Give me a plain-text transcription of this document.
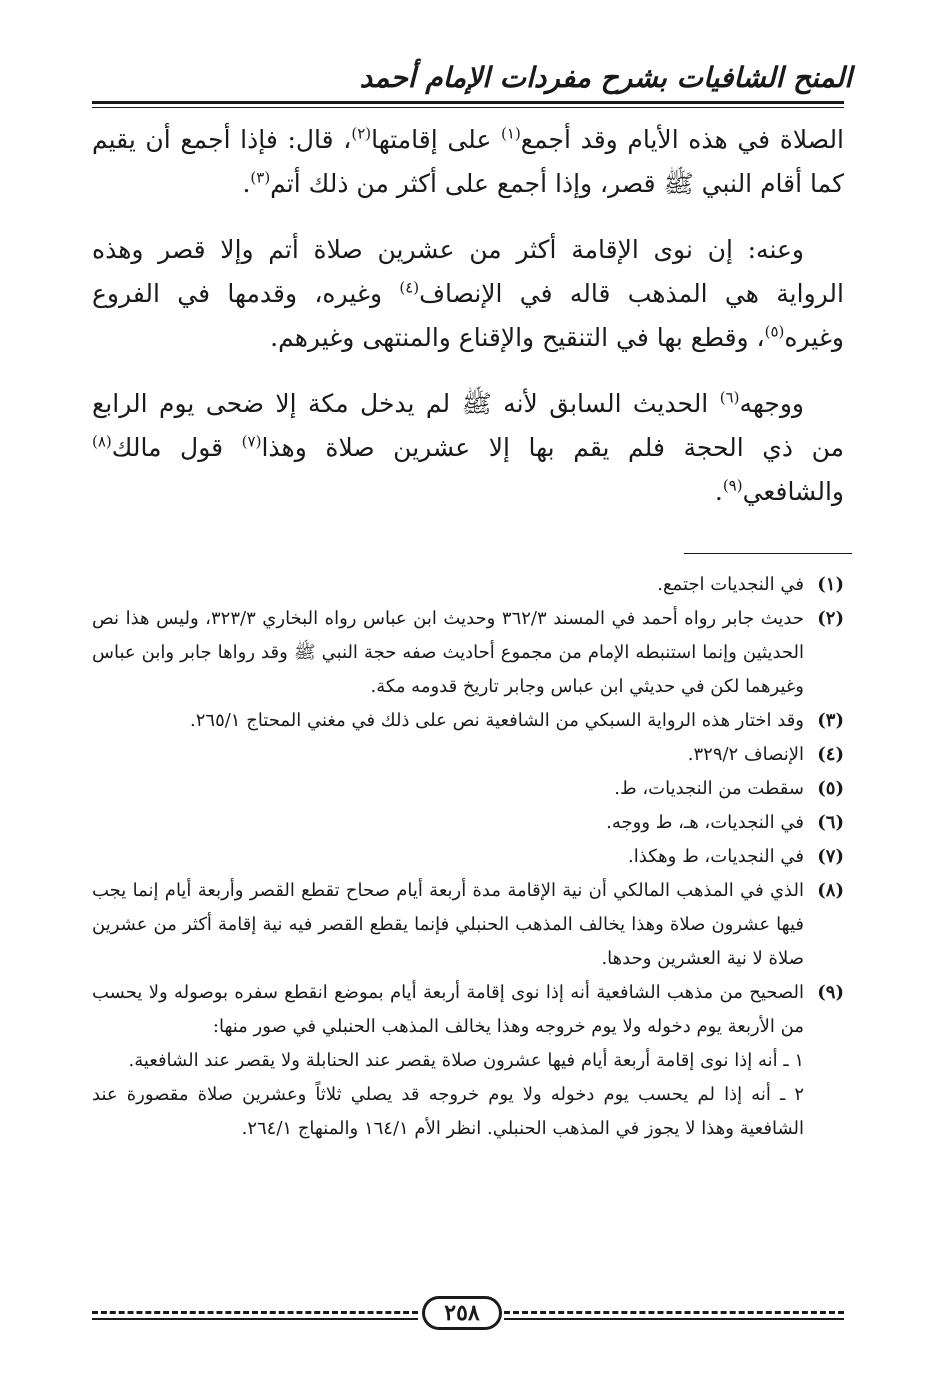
المنح الشافيات بشرح مفردات الإمام أحمد

الصلاة في هذه الأيام وقد أجمع$^{(١)}$ على إقامتها$^{(٢)}$، قال: فإذا أجمع أن يقيم كما أقام النبي ﷺ قصر، وإذا أجمع على أكثر من ذلك أتم$^{(٣)}$.

وعنه: إن نوى الإقامة أكثر من عشرين صلاة أتم وإلا قصر وهذه الرواية هي المذهب قاله في الإنصاف$^{(٤)}$ وغيره، وقدمها في الفروع وغيره$^{(٥)}$، وقطع بها في التنقيح والإقناع والمنتهى وغيرهم.

ووجهه$^{(٦)}$ الحديث السابق لأنه ﷺ لم يدخل مكة إلا ضحى يوم الرابع من ذي الحجة فلم يقم بها إلا عشرين صلاة وهذا$^{(٧)}$ قول مالك$^{(٨)}$ والشافعي$^{(٩)}$.

(١)
في النجديات اجتمع.
(٢)
حديث جابر رواه أحمد في المسند ٣٦٢/٣ وحديث ابن عباس رواه البخاري ٣٢٣/٣، وليس هذا نص الحديثين وإنما استنبطه الإمام من مجموع أحاديث صفه حجة النبي ﷺ وقد رواها جابر وابن عباس وغيرهما لكن في حديثي ابن عباس وجابر تاريخ قدومه مكة.
(٣)
وقد اختار هذه الرواية السبكي من الشافعية نص على ذلك في مغني المحتاج ٢٦٥/١.
(٤)
الإنصاف ٣٢٩/٢.
(٥)
سقطت من النجديات، ط.
(٦)
في النجديات، هـ، ط ووجه.
(٧)
في النجديات، ط وهكذا.
(٨)
الذي في المذهب المالكي أن نية الإقامة مدة أربعة أيام صحاح تقطع القصر وأربعة أيام إنما يجب فيها عشرون صلاة وهذا يخالف المذهب الحنبلي فإنما يقطع القصر فيه نية إقامة أكثر من عشرين صلاة لا نية العشرين وحدها.
(٩)
الصحيح من مذهب الشافعية أنه إذا نوى إقامة أربعة أيام بموضع انقطع سفره بوصوله ولا يحسب من الأربعة يوم دخوله ولا يوم خروجه وهذا يخالف المذهب الحنبلي في صور منها:
١ ـ أنه إذا نوى إقامة أربعة أيام فيها عشرون صلاة يقصر عند الحنابلة ولا يقصر عند الشافعية.
٢ ـ أنه إذا لم يحسب يوم دخوله ولا يوم خروجه قد يصلي ثلاثاً وعشرين صلاة مقصورة عند الشافعية وهذا لا يجوز في المذهب الحنبلي. انظر الأم ١٦٤/١ والمنهاج ٢٦٤/١.
٢٥٨
